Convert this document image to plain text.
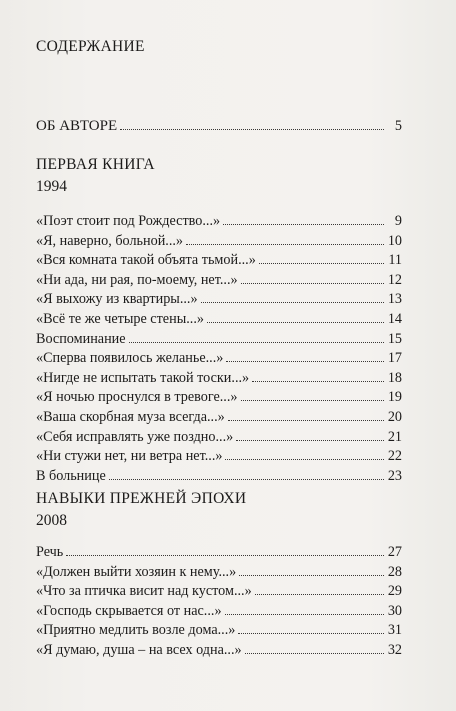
СОДЕРЖАНИЕ
ОБ АВТОРЕ	5
ПЕРВАЯ КНИГА
1994
«Поэт стоит под Рождество...»	9
«Я, наверно, больной...»	10
«Вся комната такой объята тьмой...»	11
«Ни ада, ни рая, по-моему, нет...»	12
«Я выхожу из квартиры...»	13
«Всё те же четыре стены...»	14
Воспоминание	15
«Сперва появилось желанье...»	17
«Нигде не испытать такой тоски...»	18
«Я ночью проснулся в тревоге...»	19
«Ваша скорбная муза всегда...»	20
«Себя исправлять уже поздно...»	21
«Ни стужи нет, ни ветра нет...»	22
В больнице	23
НАВЫКИ ПРЕЖНЕЙ ЭПОХИ
2008
Речь	27
«Должен выйти хозяин к нему...»	28
«Что за птичка висит над кустом...»	29
«Господь скрывается от нас...»	30
«Приятно медлить возле дома...»	31
«Я думаю, душа – на всех одна...»	32
